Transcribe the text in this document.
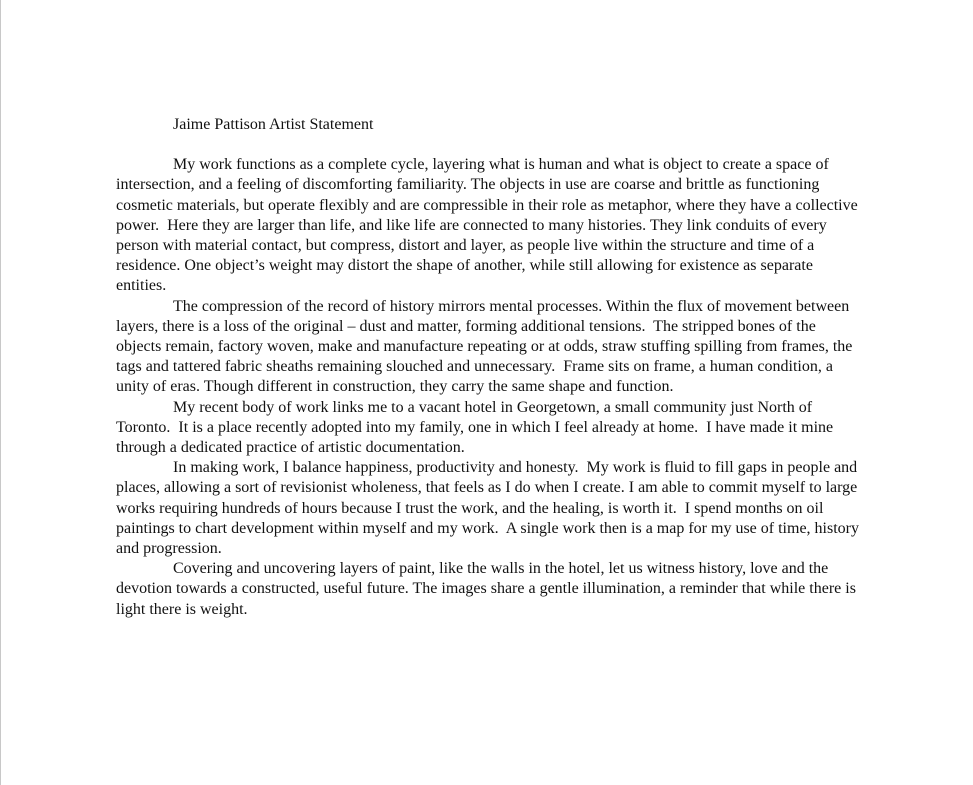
Jaime Pattison Artist Statement

My work functions as a complete cycle, layering what is human and what is object to create a space of intersection, and a feeling of discomforting familiarity. The objects in use are coarse and brittle as functioning cosmetic materials, but operate flexibly and are compressible in their role as metaphor, where they have a collective power.  Here they are larger than life, and like life are connected to many histories. They link conduits of every person with material contact, but compress, distort and layer, as people live within the structure and time of a residence. One object’s weight may distort the shape of another, while still allowing for existence as separate entities.

The compression of the record of history mirrors mental processes. Within the flux of movement between layers, there is a loss of the original – dust and matter, forming additional tensions.  The stripped bones of the objects remain, factory woven, make and manufacture repeating or at odds, straw stuffing spilling from frames, the tags and tattered fabric sheaths remaining slouched and unnecessary.  Frame sits on frame, a human condition, a unity of eras. Though different in construction, they carry the same shape and function.

My recent body of work links me to a vacant hotel in Georgetown, a small community just North of Toronto.  It is a place recently adopted into my family, one in which I feel already at home.  I have made it mine through a dedicated practice of artistic documentation.

In making work, I balance happiness, productivity and honesty.  My work is fluid to fill gaps in people and places, allowing a sort of revisionist wholeness, that feels as I do when I create. I am able to commit myself to large works requiring hundreds of hours because I trust the work, and the healing, is worth it.  I spend months on oil paintings to chart development within myself and my work.  A single work then is a map for my use of time, history and progression.

Covering and uncovering layers of paint, like the walls in the hotel, let us witness history, love and the devotion towards a constructed, useful future. The images share a gentle illumination, a reminder that while there is light there is weight.
